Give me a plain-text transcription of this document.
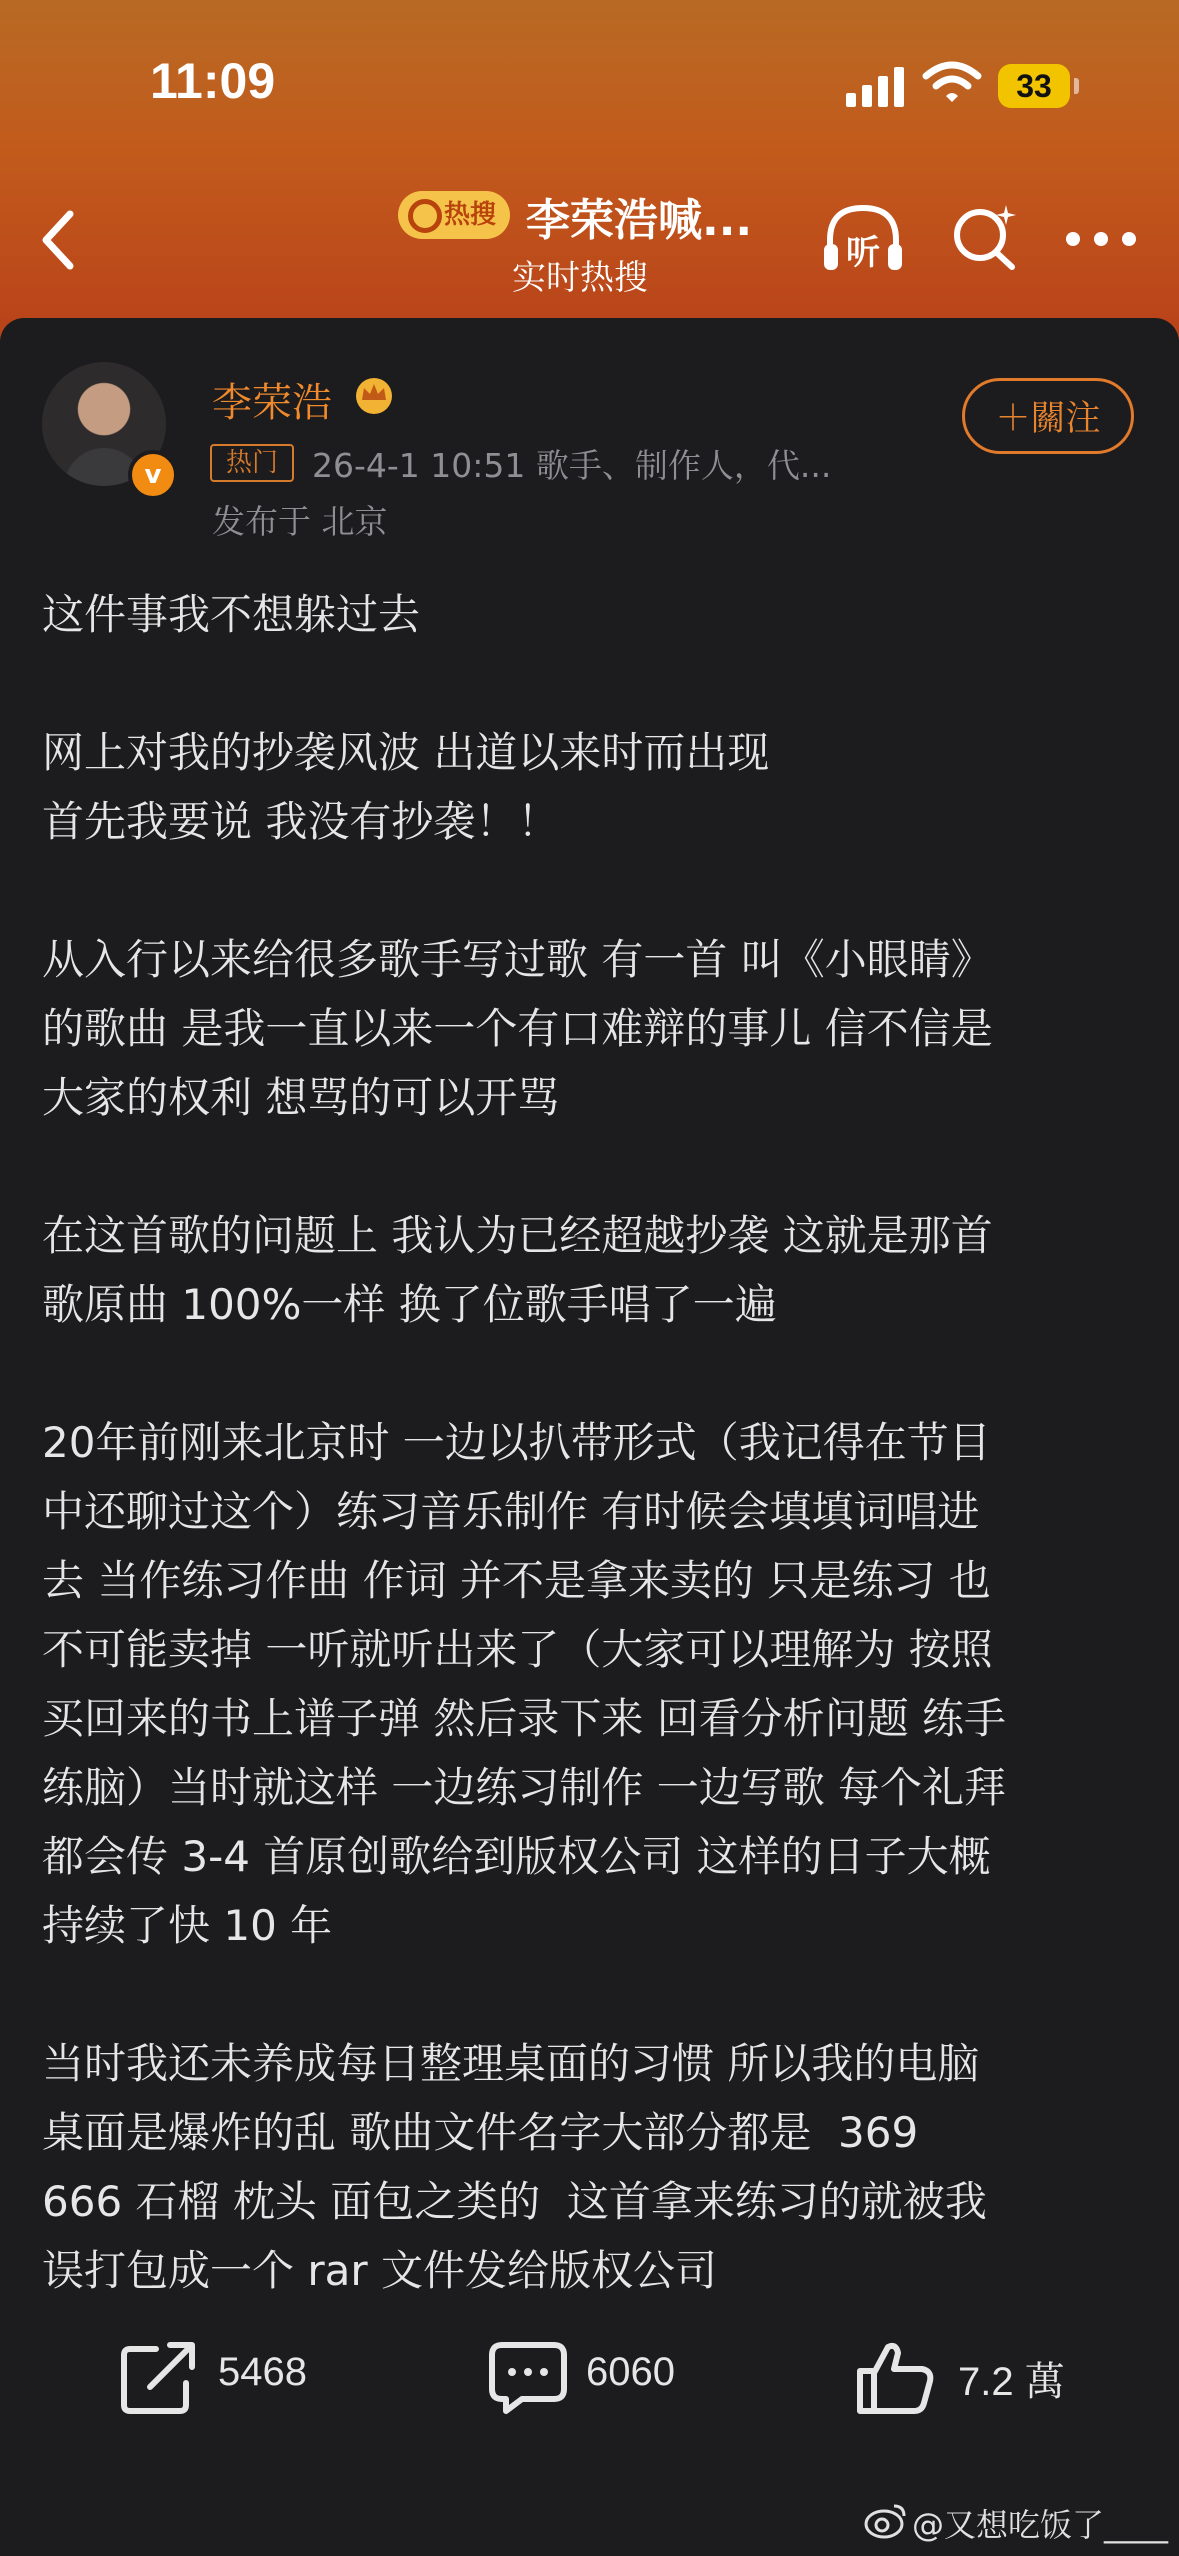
11:09	33
热搜 李荣浩喊...
实时热搜
听
v
李荣浩
热门	26-4-1 10:51 歌手、制作人，代...
发布于 北京
＋關注

这件事我不想躲过去

网上对我的抄袭风波 出道以来时而出现
首先我要说 我没有抄袭！！

从入行以来给很多歌手写过歌 有一首 叫《小眼睛》
的歌曲 是我一直以来一个有口难辩的事儿 信不信是
大家的权利 想骂的可以开骂

在这首歌的问题上 我认为已经超越抄袭 这就是那首
歌原曲 100%一样 换了位歌手唱了一遍

20年前刚来北京时 一边以扒带形式（我记得在节目
中还聊过这个）练习音乐制作 有时候会填填词唱进
去 当作练习作曲 作词 并不是拿来卖的 只是练习 也
不可能卖掉 一听就听出来了（大家可以理解为 按照
买回来的书上谱子弹 然后录下来 回看分析问题 练手
练脑）当时就这样 一边练习制作 一边写歌 每个礼拜
都会传 3-4 首原创歌给到版权公司 这样的日子大概
持续了快 10 年

当时我还未养成每日整理桌面的习惯 所以我的电脑
桌面是爆炸的乱 歌曲文件名字大部分都是  369
666 石榴 枕头 面包之类的  这首拿来练习的就被我
误打包成一个 rar 文件发给版权公司

5468	6060	7.2 萬
@又想吃饭了____
